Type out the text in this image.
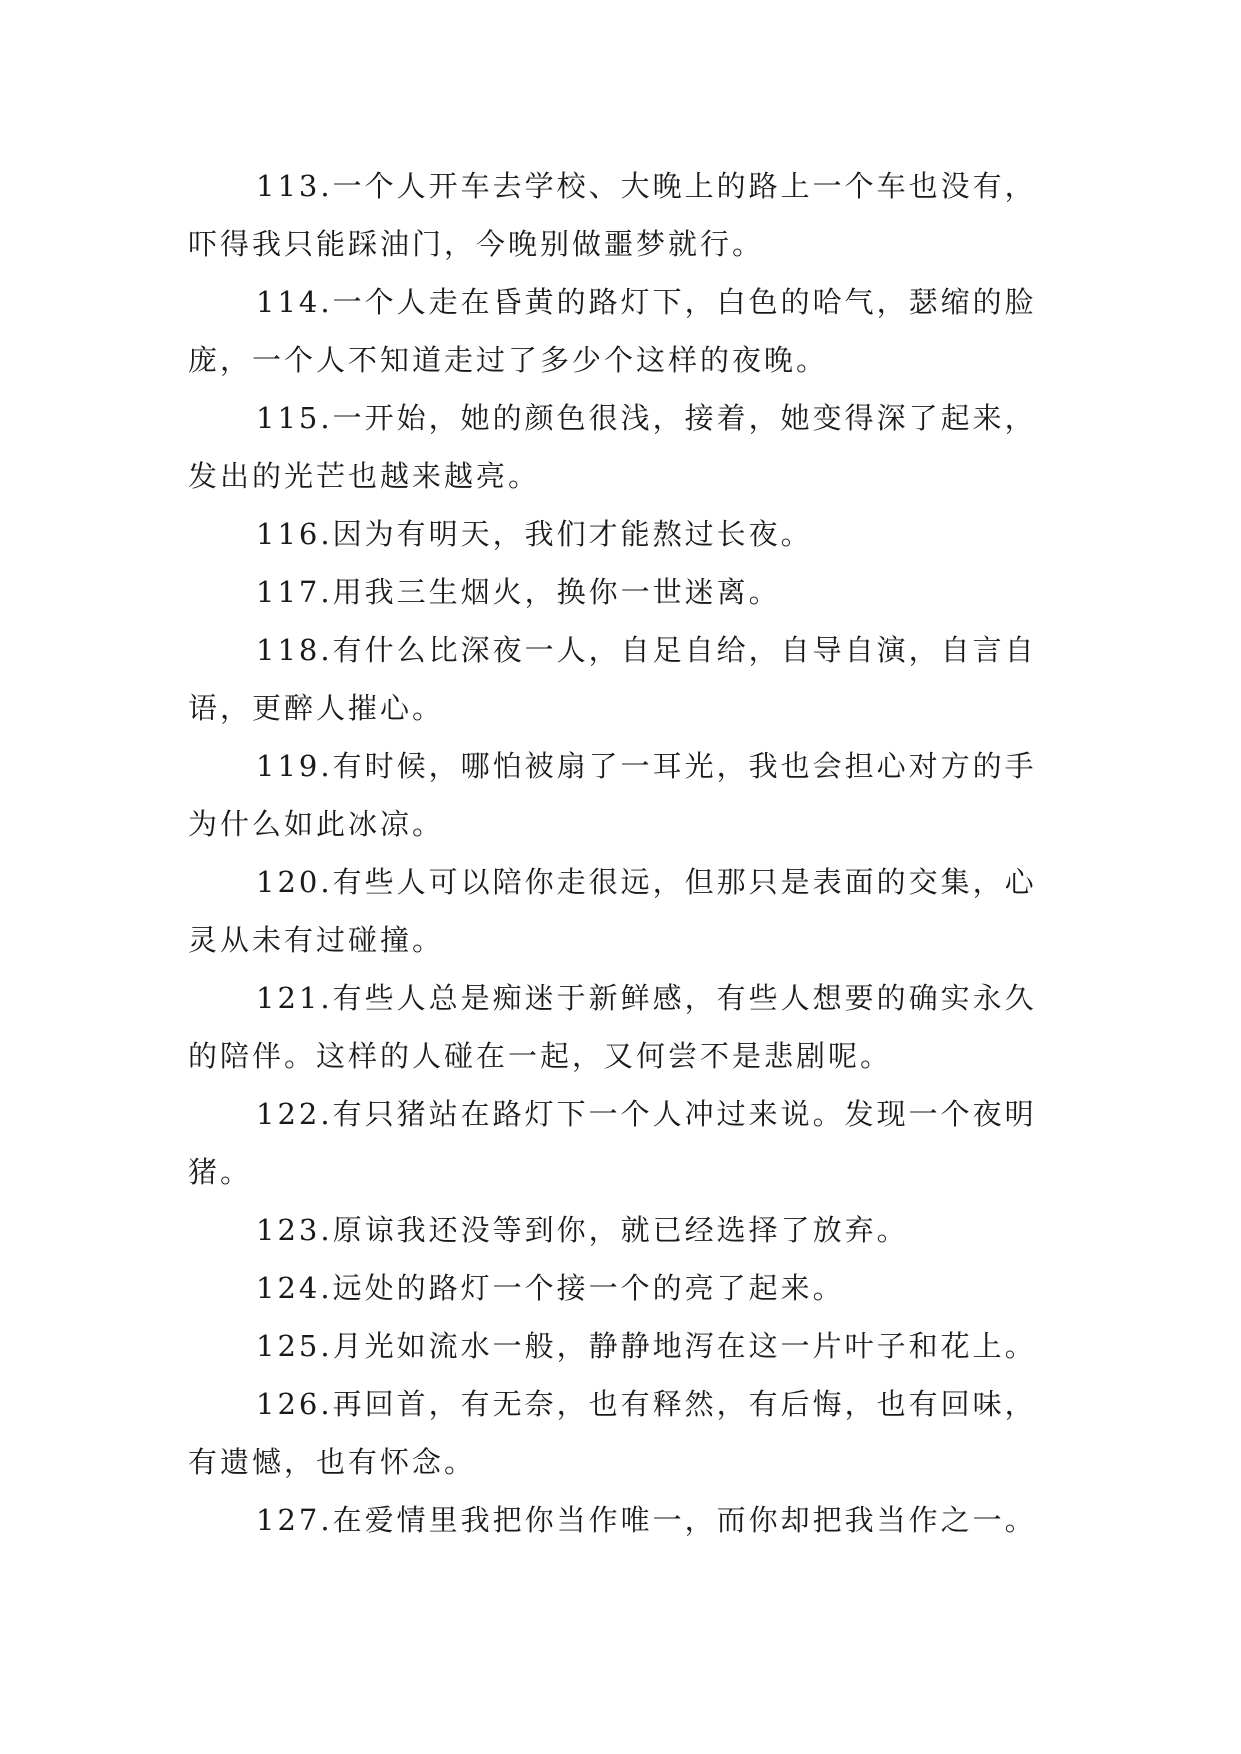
113.一个人开车去学校、大晚上的路上一个车也没有，吓得我只能踩油门，今晚别做噩梦就行。

114.一个人走在昏黄的路灯下，白色的哈气，瑟缩的脸庞，一个人不知道走过了多少个这样的夜晚。

115.一开始，她的颜色很浅，接着，她变得深了起来，发出的光芒也越来越亮。

116.因为有明天，我们才能熬过长夜。

117.用我三生烟火，换你一世迷离。

118.有什么比深夜一人，自足自给，自导自演，自言自语，更醉人摧心。

119.有时候，哪怕被扇了一耳光，我也会担心对方的手为什么如此冰凉。

120.有些人可以陪你走很远，但那只是表面的交集，心灵从未有过碰撞。

121.有些人总是痴迷于新鲜感，有些人想要的确实永久的陪伴。这样的人碰在一起，又何尝不是悲剧呢。

122.有只猪站在路灯下一个人冲过来说。发现一个夜明猪。

123.原谅我还没等到你，就已经选择了放弃。

124.远处的路灯一个接一个的亮了起来。

125.月光如流水一般，静静地泻在这一片叶子和花上。

126.再回首，有无奈，也有释然，有后悔，也有回味，有遗憾，也有怀念。

127.在爱情里我把你当作唯一，而你却把我当作之一。
